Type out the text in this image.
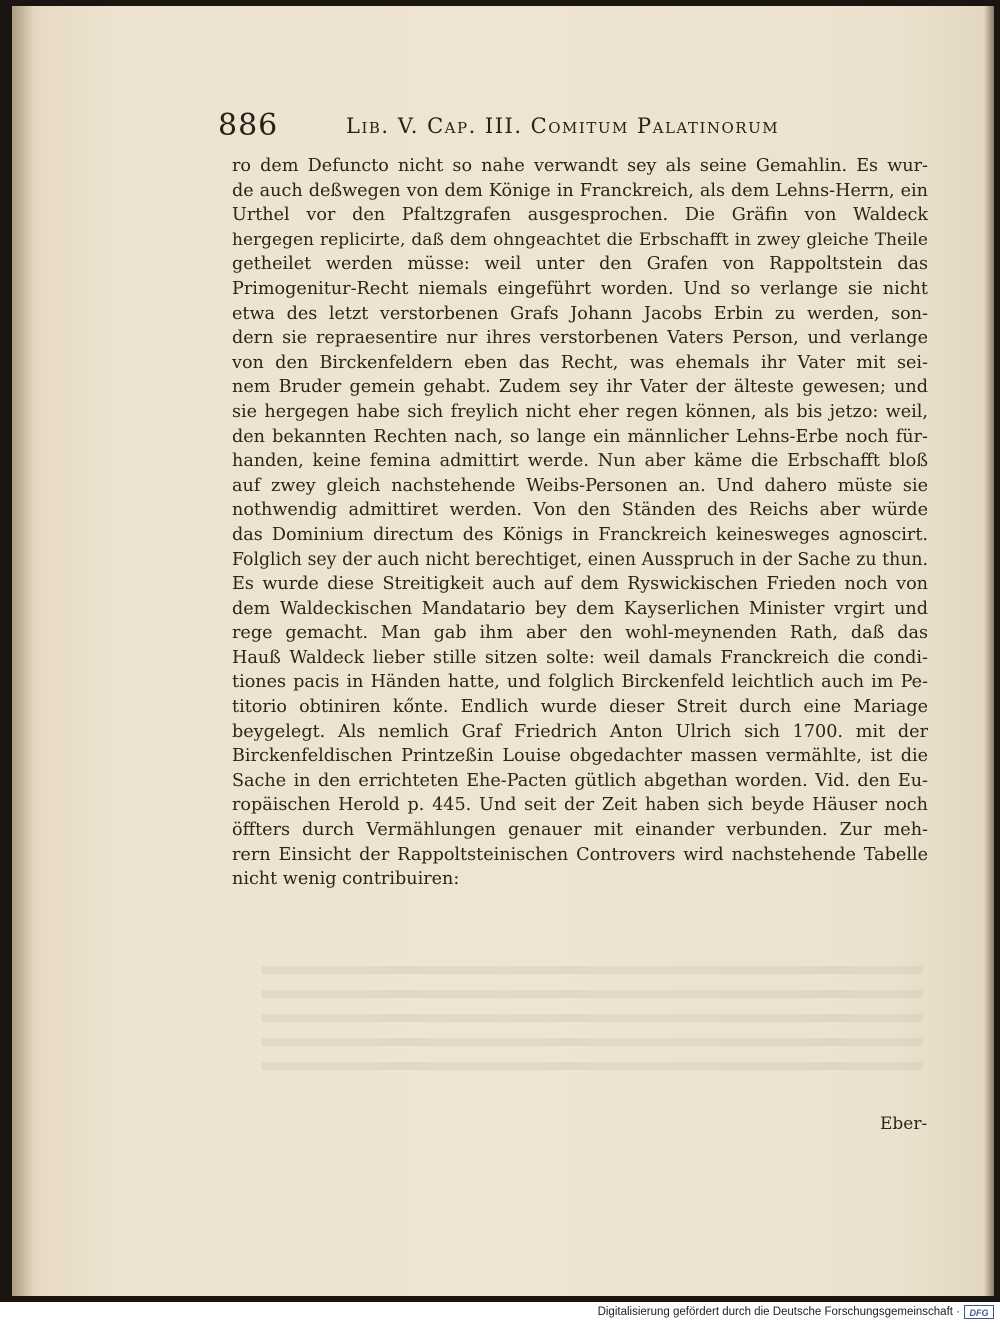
886	Lib. V. Cap. III. Comitum Palatinorum
ro dem Defuncto nicht so nahe verwandt sey als seine Gemahlin. Es wur-
de auch deßwegen von dem Könige in Franckreich, als dem Lehns-Herrn, ein
Urthel vor den Pfaltzgrafen ausgesprochen. Die Gräfin von Waldeck
hergegen replicirte, daß dem ohngeachtet die Erbschafft in zwey gleiche Theile
getheilet werden müsse: weil unter den Grafen von Rappoltstein das
Primogenitur-Recht niemals eingeführt worden. Und so verlange sie nicht
etwa des letzt verstorbenen Grafs Johann Jacobs Erbin zu werden, son-
dern sie repraesentire nur ihres verstorbenen Vaters Person, und verlange
von den Birckenfeldern eben das Recht, was ehemals ihr Vater mit sei-
nem Bruder gemein gehabt. Zudem sey ihr Vater der älteste gewesen; und
sie hergegen habe sich freylich nicht eher regen können, als bis jetzo: weil,
den bekannten Rechten nach, so lange ein männlicher Lehns-Erbe noch für-
handen, keine femina admittirt werde. Nun aber käme die Erbschafft bloß
auf zwey gleich nachstehende Weibs-Personen an. Und dahero müste sie
nothwendig admittiret werden. Von den Ständen des Reichs aber würde
das Dominium directum des Königs in Franckreich keinesweges agnoscirt.
Folglich sey der auch nicht berechtiget, einen Ausspruch in der Sache zu thun.
Es wurde diese Streitigkeit auch auf dem Ryswickischen Frieden noch von
dem Waldeckischen Mandatario bey dem Kayserlichen Minister vrgirt und
rege gemacht. Man gab ihm aber den wohl-meynenden Rath, daß das
Hauß Waldeck lieber stille sitzen solte: weil damals Franckreich die condi-
tiones pacis in Händen hatte, und folglich Birckenfeld leichtlich auch im Pe-
titorio obtiniren kőnte. Endlich wurde dieser Streit durch eine Mariage
beygelegt. Als nemlich Graf Friedrich Anton Ulrich sich 1700. mit der
Birckenfeldischen Printzeßin Louise obgedachter massen vermählte, ist die
Sache in den errichteten Ehe-Pacten gütlich abgethan worden. Vid. den Eu-
ropäischen Herold p. 445. Und seit der Zeit haben sich beyde Häuser noch
öffters durch Vermählungen genauer mit einander verbunden. Zur meh-
rern Einsicht der Rappoltsteinischen Controvers wird nachstehende Tabelle
nicht wenig contribuiren:
Eber-
Digitalisierung gefördert durch die Deutsche Forschungsgemeinschaft ·	DFG
